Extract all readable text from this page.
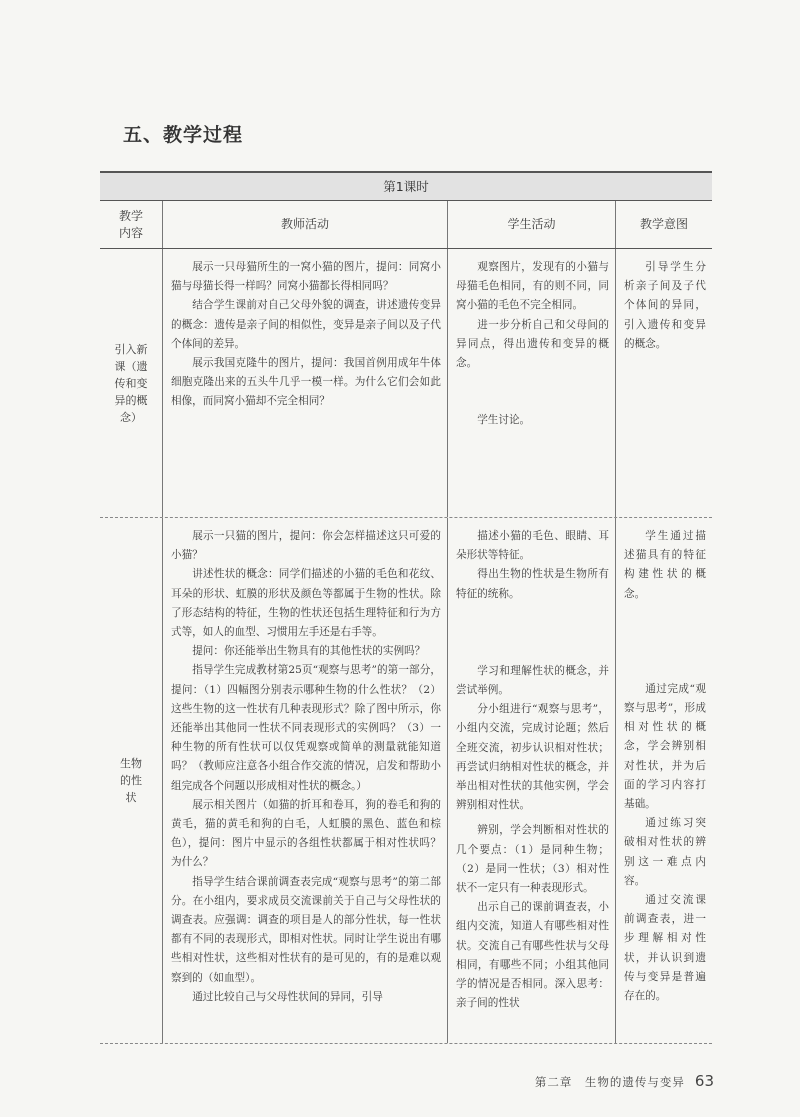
五、教学过程
第1课时
教学内容
教师活动	学生活动	教学意图
引入新课（遗传和变异的概念）

展示一只母猫所生的一窝小猫的图片，提问：同窝小猫与母猫长得一样吗？同窝小猫都长得相同吗？

结合学生课前对自己父母外貌的调查，讲述遗传变异的概念：遗传是亲子间的相似性，变异是亲子间以及子代个体间的差异。

展示我国克隆牛的图片，提问：我国首例用成年牛体细胞克隆出来的五头牛几乎一模一样。为什么它们会如此相像，而同窝小猫却不完全相同？

观察图片，发现有的小猫与母猫毛色相同，有的则不同，同窝小猫的毛色不完全相同。

进一步分析自己和父母间的异同点，得出遗传和变异的概念。

学生讨论。

引导学生分析亲子间及子代个体间的异同，引入遗传和变异的概念。

生物的性状

展示一只猫的图片，提问：你会怎样描述这只可爱的小猫？

讲述性状的概念：同学们描述的小猫的毛色和花纹、耳朵的形状、虹膜的形状及颜色等都属于生物的性状。除了形态结构的特征，生物的性状还包括生理特征和行为方式等，如人的血型、习惯用左手还是右手等。

提问：你还能举出生物具有的其他性状的实例吗？

指导学生完成教材第25页“观察与思考”的第一部分，提问：（1）四幅图分别表示哪种生物的什么性状？（2）这些生物的这一性状有几种表现形式？除了图中所示，你还能举出其他同一性状不同表现形式的实例吗？（3）一种生物的所有性状可以仅凭观察或简单的测量就能知道吗？（教师应注意各小组合作交流的情况，启发和帮助小组完成各个问题以形成相对性状的概念。）

展示相关图片（如猫的折耳和卷耳，狗的卷毛和狗的黄毛，猫的黄毛和狗的白毛，人虹膜的黑色、蓝色和棕色），提问：图片中显示的各组性状都属于相对性状吗？为什么？

指导学生结合课前调查表完成“观察与思考”的第二部分。在小组内，要求成员交流课前关于自己与父母性状的调查表。应强调：调查的项目是人的部分性状，每一性状都有不同的表现形式，即相对性状。同时让学生说出有哪些相对性状，这些相对性状有的是可见的，有的是难以观察到的（如血型）。

通过比较自己与父母性状间的异同，引导

描述小猫的毛色、眼睛、耳朵形状等特征。

得出生物的性状是生物所有特征的统称。

学习和理解性状的概念，并尝试举例。

分小组进行“观察与思考”，小组内交流，完成讨论题；然后全班交流，初步认识相对性状；再尝试归纳相对性状的概念，并举出相对性状的其他实例，学会辨别相对性状。

辨别，学会判断相对性状的几个要点：（1）是同种生物；（2）是同一性状；（3）相对性状不一定只有一种表现形式。

出示自己的课前调查表，小组内交流，知道人有哪些相对性状。交流自己有哪些性状与父母相同，有哪些不同；小组其他同学的情况是否相同。深入思考：亲子间的性状

学生通过描述猫具有的特征构建性状的概念。

通过完成“观察与思考”，形成相对性状的概念，学会辨别相对性状，并为后面的学习内容打基础。

通过练习突破相对性状的辨别这一难点内容。

通过交流课前调查表，进一步理解相对性状，并认识到遗传与变异是普遍存在的。

第二章　生物的遗传与变异 63
